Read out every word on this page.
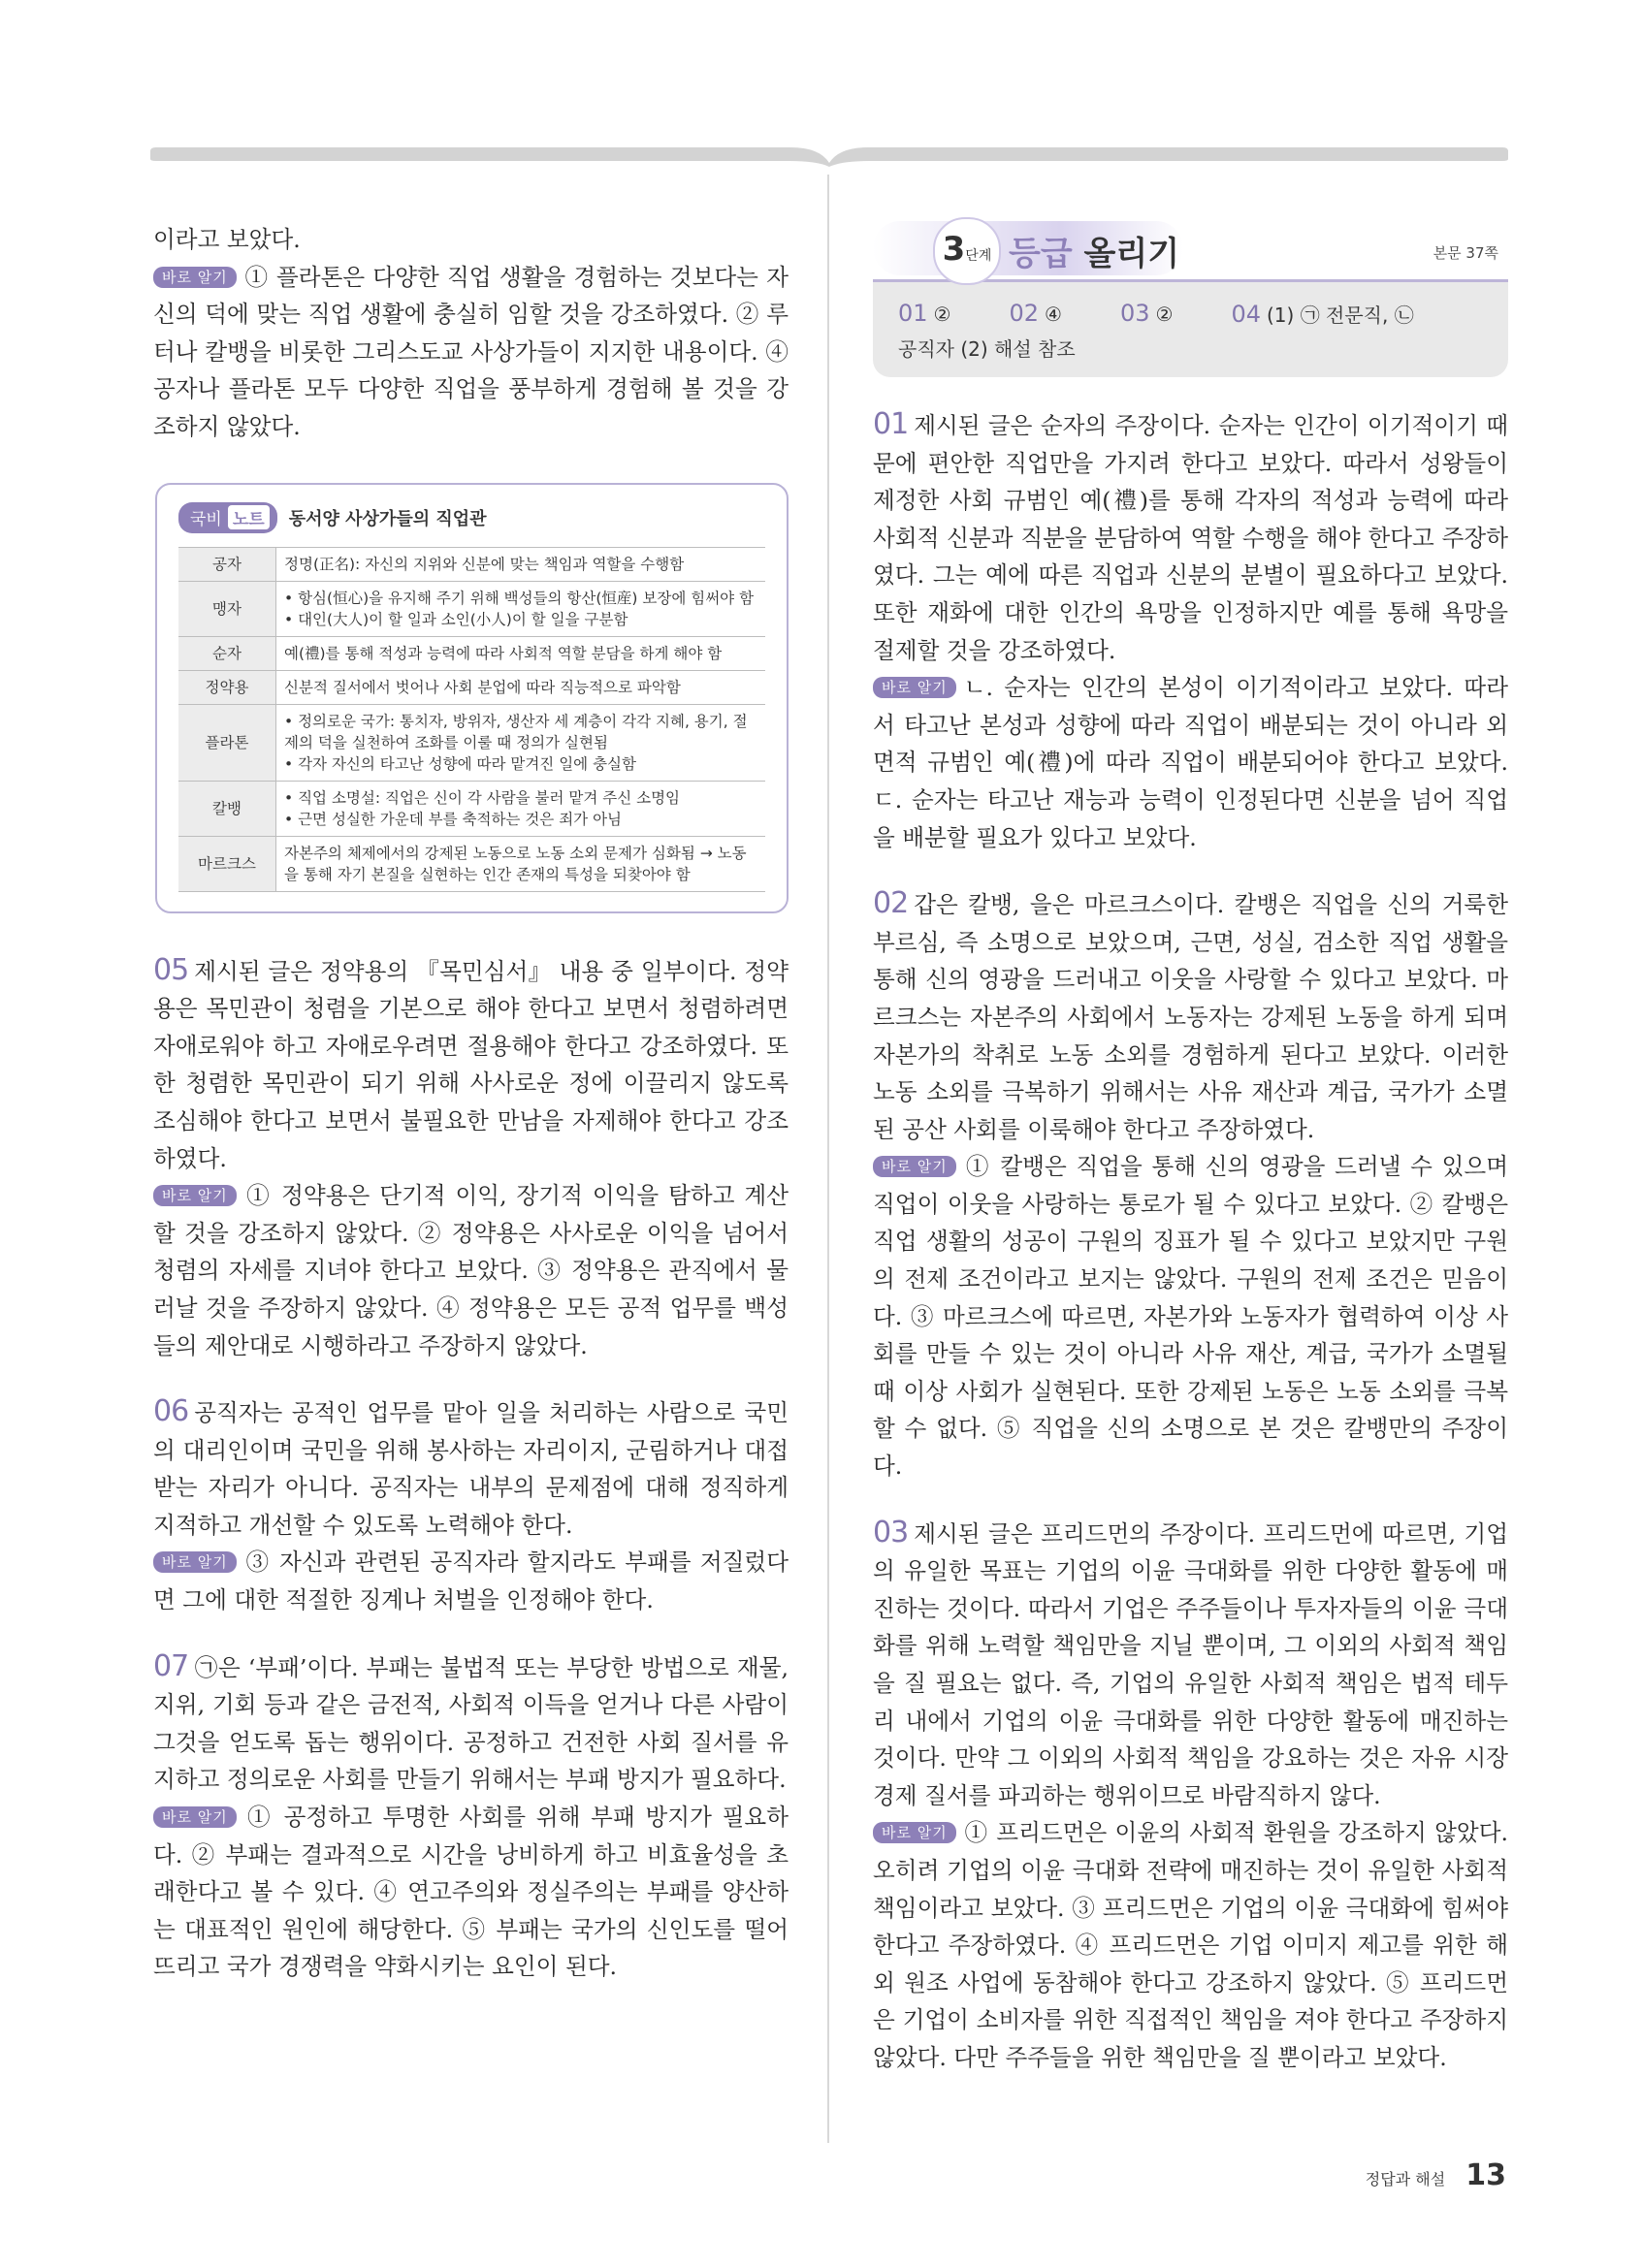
이라고 보았다.

바로 알기 ① 플라톤은 다양한 직업 생활을 경험하는 것보다는 자신의 덕에 맞는 직업 생활에 충실히 임할 것을 강조하였다. ② 루터나 칼뱅을 비롯한 그리스도교 사상가들이 지지한 내용이다. ④ 공자나 플라톤 모두 다양한 직업을 풍부하게 경험해 볼 것을 강조하지 않았다.

국비 노트 동서양 사상가들의 직업관
공자	정명(正名): 자신의 지위와 신분에 맞는 책임과 역할을 수행함

맹자	• 항심(恒心)을 유지해 주기 위해 백성들의 항산(恒産) 보장에 힘써야 함
• 대인(大人)이 할 일과 소인(小人)이 할 일을 구분함

순자	예(禮)를 통해 적성과 능력에 따라 사회적 역할 분담을 하게 해야 함

정약용	신분적 질서에서 벗어나 사회 분업에 따라 직능적으로 파악함

플라톤	• 정의로운 국가: 통치자, 방위자, 생산자 세 계층이 각각 지혜, 용기, 절제의 덕을 실천하여 조화를 이룰 때 정의가 실현됨
• 각자 자신의 타고난 성향에 따라 맡겨진 일에 충실함

칼뱅	• 직업 소명설: 직업은 신이 각 사람을 불러 맡겨 주신 소명임
• 근면 성실한 가운데 부를 축적하는 것은 죄가 아님

마르크스	자본주의 체제에서의 강제된 노동으로 노동 소외 문제가 심화됨 → 노동을 통해 자기 본질을 실현하는 인간 존재의 특성을 되찾아야 함

05 제시된 글은 정약용의 『목민심서』 내용 중 일부이다. 정약용은 목민관이 청렴을 기본으로 해야 한다고 보면서 청렴하려면 자애로워야 하고 자애로우려면 절용해야 한다고 강조하였다. 또한 청렴한 목민관이 되기 위해 사사로운 정에 이끌리지 않도록 조심해야 한다고 보면서 불필요한 만남을 자제해야 한다고 강조하였다.

바로 알기 ① 정약용은 단기적 이익, 장기적 이익을 탐하고 계산할 것을 강조하지 않았다. ② 정약용은 사사로운 이익을 넘어서 청렴의 자세를 지녀야 한다고 보았다. ③ 정약용은 관직에서 물러날 것을 주장하지 않았다. ④ 정약용은 모든 공적 업무를 백성들의 제안대로 시행하라고 주장하지 않았다.

06 공직자는 공적인 업무를 맡아 일을 처리하는 사람으로 국민의 대리인이며 국민을 위해 봉사하는 자리이지, 군림하거나 대접받는 자리가 아니다. 공직자는 내부의 문제점에 대해 정직하게 지적하고 개선할 수 있도록 노력해야 한다.

바로 알기 ③ 자신과 관련된 공직자라 할지라도 부패를 저질렀다면 그에 대한 적절한 징계나 처벌을 인정해야 한다.

07 ㉠은 ‘부패’이다. 부패는 불법적 또는 부당한 방법으로 재물, 지위, 기회 등과 같은 금전적, 사회적 이득을 얻거나 다른 사람이 그것을 얻도록 돕는 행위이다. 공정하고 건전한 사회 질서를 유지하고 정의로운 사회를 만들기 위해서는 부패 방지가 필요하다.

바로 알기 ① 공정하고 투명한 사회를 위해 부패 방지가 필요하다. ② 부패는 결과적으로 시간을 낭비하게 하고 비효율성을 초래한다고 볼 수 있다. ④ 연고주의와 정실주의는 부패를 양산하는 대표적인 원인에 해당한다. ⑤ 부패는 국가의 신인도를 떨어뜨리고 국가 경쟁력을 약화시키는 요인이 된다.

3단계 등급 올리기	본문 37쪽
01 ②	02 ④	03 ②	04 (1) ㉠ 전문직, ㉡
공직자 (2) 해설 참조

01 제시된 글은 순자의 주장이다. 순자는 인간이 이기적이기 때문에 편안한 직업만을 가지려 한다고 보았다. 따라서 성왕들이 제정한 사회 규범인 예(禮)를 통해 각자의 적성과 능력에 따라 사회적 신분과 직분을 분담하여 역할 수행을 해야 한다고 주장하였다. 그는 예에 따른 직업과 신분의 분별이 필요하다고 보았다. 또한 재화에 대한 인간의 욕망을 인정하지만 예를 통해 욕망을 절제할 것을 강조하였다.

바로 알기 ㄴ. 순자는 인간의 본성이 이기적이라고 보았다. 따라서 타고난 본성과 성향에 따라 직업이 배분되는 것이 아니라 외면적 규범인 예(禮)에 따라 직업이 배분되어야 한다고 보았다. ㄷ. 순자는 타고난 재능과 능력이 인정된다면 신분을 넘어 직업을 배분할 필요가 있다고 보았다.

02 갑은 칼뱅, 을은 마르크스이다. 칼뱅은 직업을 신의 거룩한 부르심, 즉 소명으로 보았으며, 근면, 성실, 검소한 직업 생활을 통해 신의 영광을 드러내고 이웃을 사랑할 수 있다고 보았다. 마르크스는 자본주의 사회에서 노동자는 강제된 노동을 하게 되며 자본가의 착취로 노동 소외를 경험하게 된다고 보았다. 이러한 노동 소외를 극복하기 위해서는 사유 재산과 계급, 국가가 소멸된 공산 사회를 이룩해야 한다고 주장하였다.

바로 알기 ① 칼뱅은 직업을 통해 신의 영광을 드러낼 수 있으며 직업이 이웃을 사랑하는 통로가 될 수 있다고 보았다. ② 칼뱅은 직업 생활의 성공이 구원의 징표가 될 수 있다고 보았지만 구원의 전제 조건이라고 보지는 않았다. 구원의 전제 조건은 믿음이다. ③ 마르크스에 따르면, 자본가와 노동자가 협력하여 이상 사회를 만들 수 있는 것이 아니라 사유 재산, 계급, 국가가 소멸될 때 이상 사회가 실현된다. 또한 강제된 노동은 노동 소외를 극복할 수 없다. ⑤ 직업을 신의 소명으로 본 것은 칼뱅만의 주장이다.

03 제시된 글은 프리드먼의 주장이다. 프리드먼에 따르면, 기업의 유일한 목표는 기업의 이윤 극대화를 위한 다양한 활동에 매진하는 것이다. 따라서 기업은 주주들이나 투자자들의 이윤 극대화를 위해 노력할 책임만을 지닐 뿐이며, 그 이외의 사회적 책임을 질 필요는 없다. 즉, 기업의 유일한 사회적 책임은 법적 테두리 내에서 기업의 이윤 극대화를 위한 다양한 활동에 매진하는 것이다. 만약 그 이외의 사회적 책임을 강요하는 것은 자유 시장 경제 질서를 파괴하는 행위이므로 바람직하지 않다.

바로 알기 ① 프리드먼은 이윤의 사회적 환원을 강조하지 않았다. 오히려 기업의 이윤 극대화 전략에 매진하는 것이 유일한 사회적 책임이라고 보았다. ③ 프리드먼은 기업의 이윤 극대화에 힘써야 한다고 주장하였다. ④ 프리드먼은 기업 이미지 제고를 위한 해외 원조 사업에 동참해야 한다고 강조하지 않았다. ⑤ 프리드먼은 기업이 소비자를 위한 직접적인 책임을 져야 한다고 주장하지 않았다. 다만 주주들을 위한 책임만을 질 뿐이라고 보았다.

정답과 해설 13
